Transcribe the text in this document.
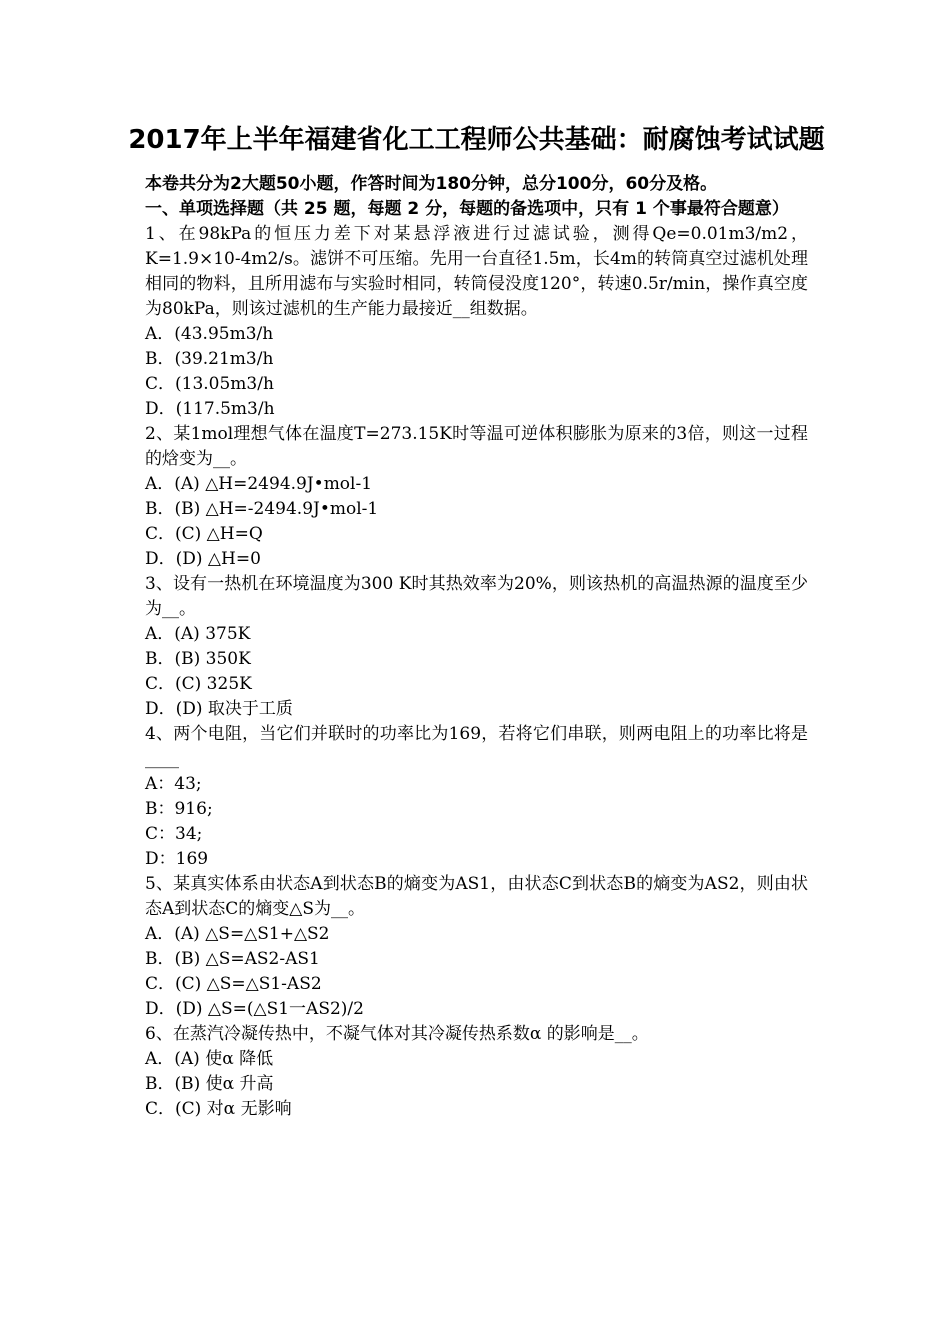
2017年上半年福建省化工工程师公共基础：耐腐蚀考试试题
本卷共分为2大题50小题，作答时间为180分钟，总分100分，60分及格。
一、单项选择题（共 25 题，每题 2 分，每题的备选项中，只有 1 个事最符合题意）
1、在98kPa的恒压力差下对某悬浮液进行过滤试验，测得Qe=0.01m3/m2，K=1.9×10-4m2/s。滤饼不可压缩。先用一台直径1.5m，长4m的转筒真空过滤机处理相同的物料，且所用滤布与实验时相同，转筒侵没度120°，转速0.5r/min，操作真空度为80kPa，则该过滤机的生产能力最接近__组数据。
A．(43.95m3/h
B．(39.21m3/h
C．(13.05m3/h
D．(117.5m3/h
2、某1mol理想气体在温度T=273.15K时等温可逆体积膨胀为原来的3倍，则这一过程的焓变为__。
A．(A) △H=2494.9J•mol-1
B．(B) △H=-2494.9J•mol-1
C．(C) △H=Q
D．(D) △H=0
3、设有一热机在环境温度为300 K时其热效率为20%，则该热机的高温热源的温度至少为__。
A．(A) 375K
B．(B) 350K
C．(C) 325K
D．(D) 取决于工质
4、两个电阻，当它们并联时的功率比为169，若将它们串联，则两电阻上的功率比将是____
A：43;
B：916;
C：34;
D：169
5、某真实体系由状态A到状态B的熵变为AS1，由状态C到状态B的熵变为AS2，则由状态A到状态C的熵变△S为__。
A．(A) △S=△S1+△S2
B．(B) △S=AS2-AS1
C．(C) △S=△S1-AS2
D．(D) △S=(△S1一AS2)/2
6、在蒸汽冷凝传热中，不凝气体对其冷凝传热系数α 的影响是__。
A．(A) 使α 降低
B．(B) 使α 升高
C．(C) 对α 无影响
